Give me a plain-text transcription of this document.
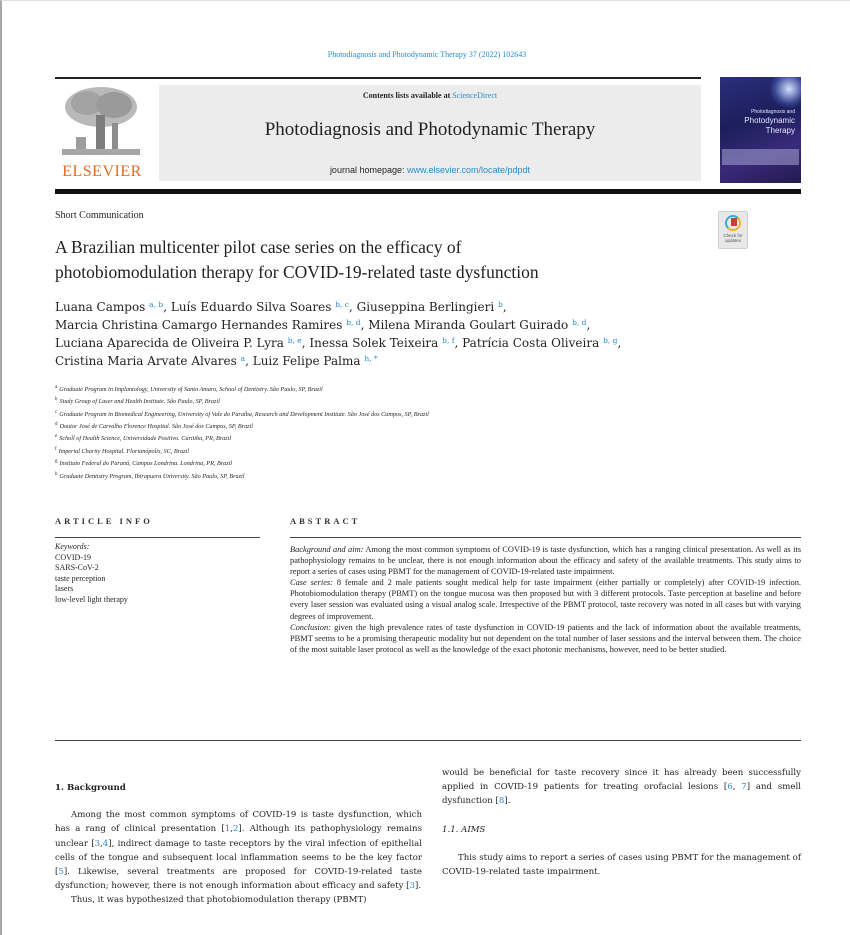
Photodiagnosis and Photodynamic Therapy 37 (2022) 102643
ELSEVIER
Contents lists available at ScienceDirect
Photodiagnosis and Photodynamic Therapy
journal homepage: www.elsevier.com/locate/pdpdt
Photodiagnosis and
Photodynamic
Therapy
Short Communication
Check for
updates
A Brazilian multicenter pilot case series on the efficacy of
photobiomodulation therapy for COVID-19-related taste dysfunction
Luana Campos $^{a, b}$, Luís Eduardo Silva Soares $^{b, c}$, Giuseppina Berlingieri $^b$,
Marcia Christina Camargo Hernandes Ramires $^{b, d}$, Milena Miranda Goulart Guirado $^{b, d}$,
Luciana Aparecida de Oliveira P. Lyra $^{b, e}$, Inessa Solek Teixeira $^{b, f}$, Patrícia Costa Oliveira $^{b, g}$,
Cristina Maria Arvate Alvares $^a$, Luiz Felipe Palma $^{h, *}$
$^a$ Graduate Program in Implantology, University of Santo Amaro, School of Dentistry. São Paulo, SP, Brazil
$^b$ Study Group of Laser and Health Institute. São Paulo, SP, Brazil
$^c$ Graduate Program in Biomedical Engineering, University of Vale do Paraíba, Research and Development Institute. São José dos Campos, SP, Brazil
$^d$ Doutor José de Carvalho Florence Hospital. São José dos Campos, SP, Brazil
$^e$ Scholl of Health Science, Universidade Positivo. Curitiba, PR, Brazil
$^f$ Imperial Charity Hospital. Florianópolis, SC, Brazil
$^g$ Instituto Federal do Paraná, Campus Londrina. Londrina, PR, Brazil
$^h$ Graduate Dentistry Program, Ibirapuera University. São Paulo, SP, Brazil
ARTICLE INFO	ABSTRACT
Keywords:
COVID-19
SARS-CoV-2
taste perception
lasers
low-level light therapy

Background and aim: Among the most common symptoms of COVID-19 is taste dysfunction, which has a ranging clinical presentation. As well as its pathophysiology remains to be unclear, there is not enough information about the efficacy and safety of the available treatments. This study aims to report a series of cases using PBMT for the management of COVID-19-related taste impairment.

Case series: 8 female and 2 male patients sought medical help for taste impairment (either partially or completely) after COVID-19 infection. Photobiomodulation therapy (PBMT) on the tongue mucosa was then proposed but with 3 different protocols. Taste perception at baseline and before every laser session was evaluated using a visual analog scale. Irrespective of the PBMT protocol, taste recovery was noted in all cases but with varying degrees of improvement.

Conclusion: given the high prevalence rates of taste dysfunction in COVID-19 patients and the lack of information about the available treatments, PBMT seems to be a promising therapeutic modality but not dependent on the total number of laser sessions and the interval between them. The choice of the most suitable laser protocol as well as the knowledge of the exact photonic mechanisms, however, need to be better studied.

1. Background

Among the most common symptoms of COVID-19 is taste dysfunction, which has a rang of clinical presentation [1,2]. Although its pathophysiology remains unclear [3,4], indirect damage to taste receptors by the viral infection of epithelial cells of the tongue and subsequent local inflammation seems to be the key factor [5]. Likewise, several treatments are proposed for COVID-19-related taste dysfunction; however, there is not enough information about efficacy and safety [3].

Thus, it was hypothesized that photobiomodulation therapy (PBMT)

would be beneficial for taste recovery since it has already been successfully applied in COVID-19 patients for treating orofacial lesions [6, 7] and smell dysfunction [8].

1.1. AIMS

This study aims to report a series of cases using PBMT for the management of COVID-19-related taste impairment.
